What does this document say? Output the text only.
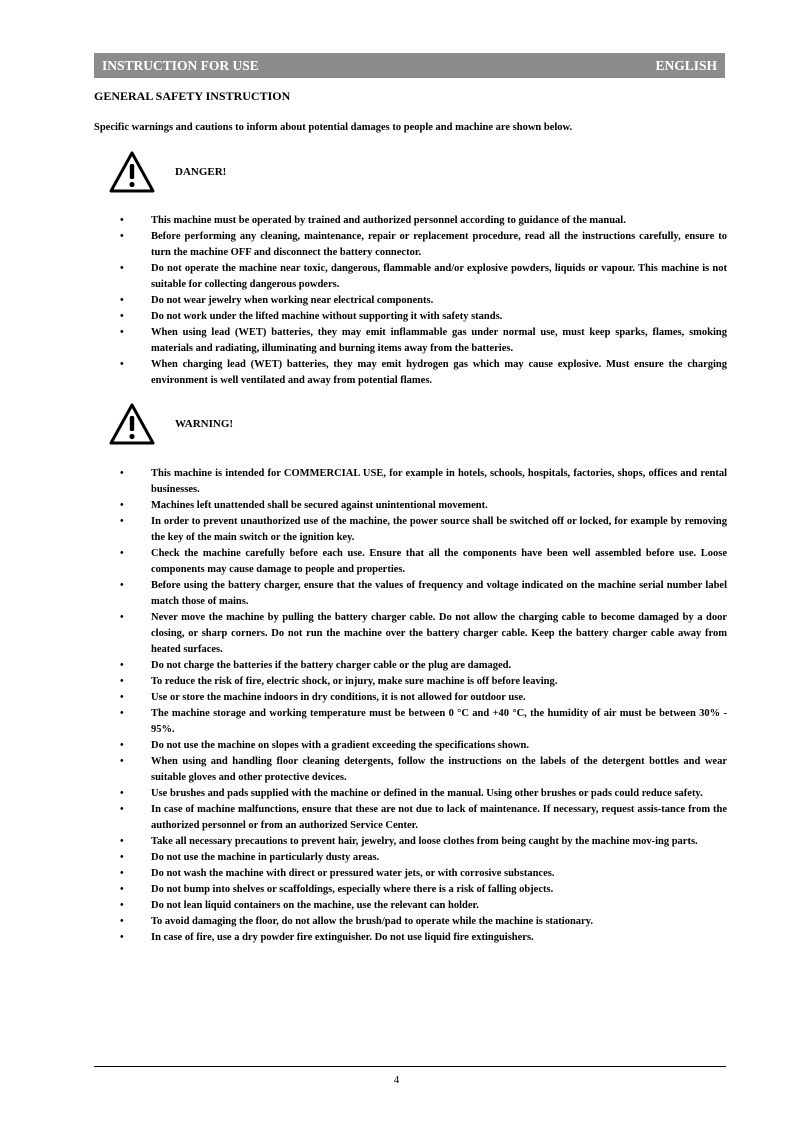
INSTRUCTION FOR USE	ENGLISH
GENERAL SAFETY INSTRUCTION
Specific warnings and cautions to inform about potential damages to people and machine are shown below.
DANGER!
•	This machine must be operated by trained and authorized personnel according to guidance of the manual.
•	Before performing any cleaning, maintenance, repair or replacement procedure, read all the instructions carefully, ensure to turn the machine OFF and disconnect the battery connector.
•	Do not operate the machine near toxic, dangerous, flammable and/or explosive powders, liquids or vapour. This machine is not suitable for collecting dangerous powders.
•	Do not wear jewelry when working near electrical components.
•	Do not work under the lifted machine without supporting it with safety stands.
•	When using lead (WET) batteries, they may emit inflammable gas under normal use, must keep sparks, flames, smoking materials and radiating, illuminating and burning items away from the batteries.
•	When charging lead (WET) batteries, they may emit hydrogen gas which may cause explosive. Must ensure the charging environment is well ventilated and away from potential flames.
WARNING!
•	This machine is intended for COMMERCIAL USE, for example in hotels, schools, hospitals, factories, shops, offices and rental businesses.
•	Machines left unattended shall be secured against unintentional movement.
•	In order to prevent unauthorized use of the machine, the power source shall be switched off or locked, for example by removing the key of the main switch or the ignition key.
•	Check the machine carefully before each use. Ensure that all the components have been well assembled before use. Loose components may cause damage to people and properties.
•	Before using the battery charger, ensure that the values of frequency and voltage indicated on the machine serial number label match those of mains.
•	Never move the machine by pulling the battery charger cable. Do not allow the charging cable to become damaged by a door closing, or sharp corners. Do not run the machine over the battery charger cable. Keep the battery charger cable away from heated surfaces.
•	Do not charge the batteries if the battery charger cable or the plug are damaged.
•	To reduce the risk of fire, electric shock, or injury, make sure machine is off before leaving.
•	Use or store the machine indoors in dry conditions, it is not allowed for outdoor use.
•	The machine storage and working temperature must be between 0 °C and +40 °C, the humidity of air must be between 30% - 95%.
•	Do not use the machine on slopes with a gradient exceeding the specifications shown.
•	When using and handling floor cleaning detergents, follow the instructions on the labels of the detergent bottles and wear suitable gloves and other protective devices.
•	Use brushes and pads supplied with the machine or defined in the manual. Using other brushes or pads could reduce safety.
•	In case of machine malfunctions, ensure that these are not due to lack of maintenance. If necessary, request assis-tance from the authorized personnel or from an authorized Service Center.
•	Take all necessary precautions to prevent hair, jewelry, and loose clothes from being caught by the machine mov-ing parts.
•	Do not use the machine in particularly dusty areas.
•	Do not wash the machine with direct or pressured water jets, or with corrosive substances.
•	Do not bump into shelves or scaffoldings, especially where there is a risk of falling objects.
•	Do not lean liquid containers on the machine, use the relevant can holder.
•	To avoid damaging the floor, do not allow the brush/pad to operate while the machine is stationary.
•	In case of fire, use a dry powder fire extinguisher. Do not use liquid fire extinguishers.
4
